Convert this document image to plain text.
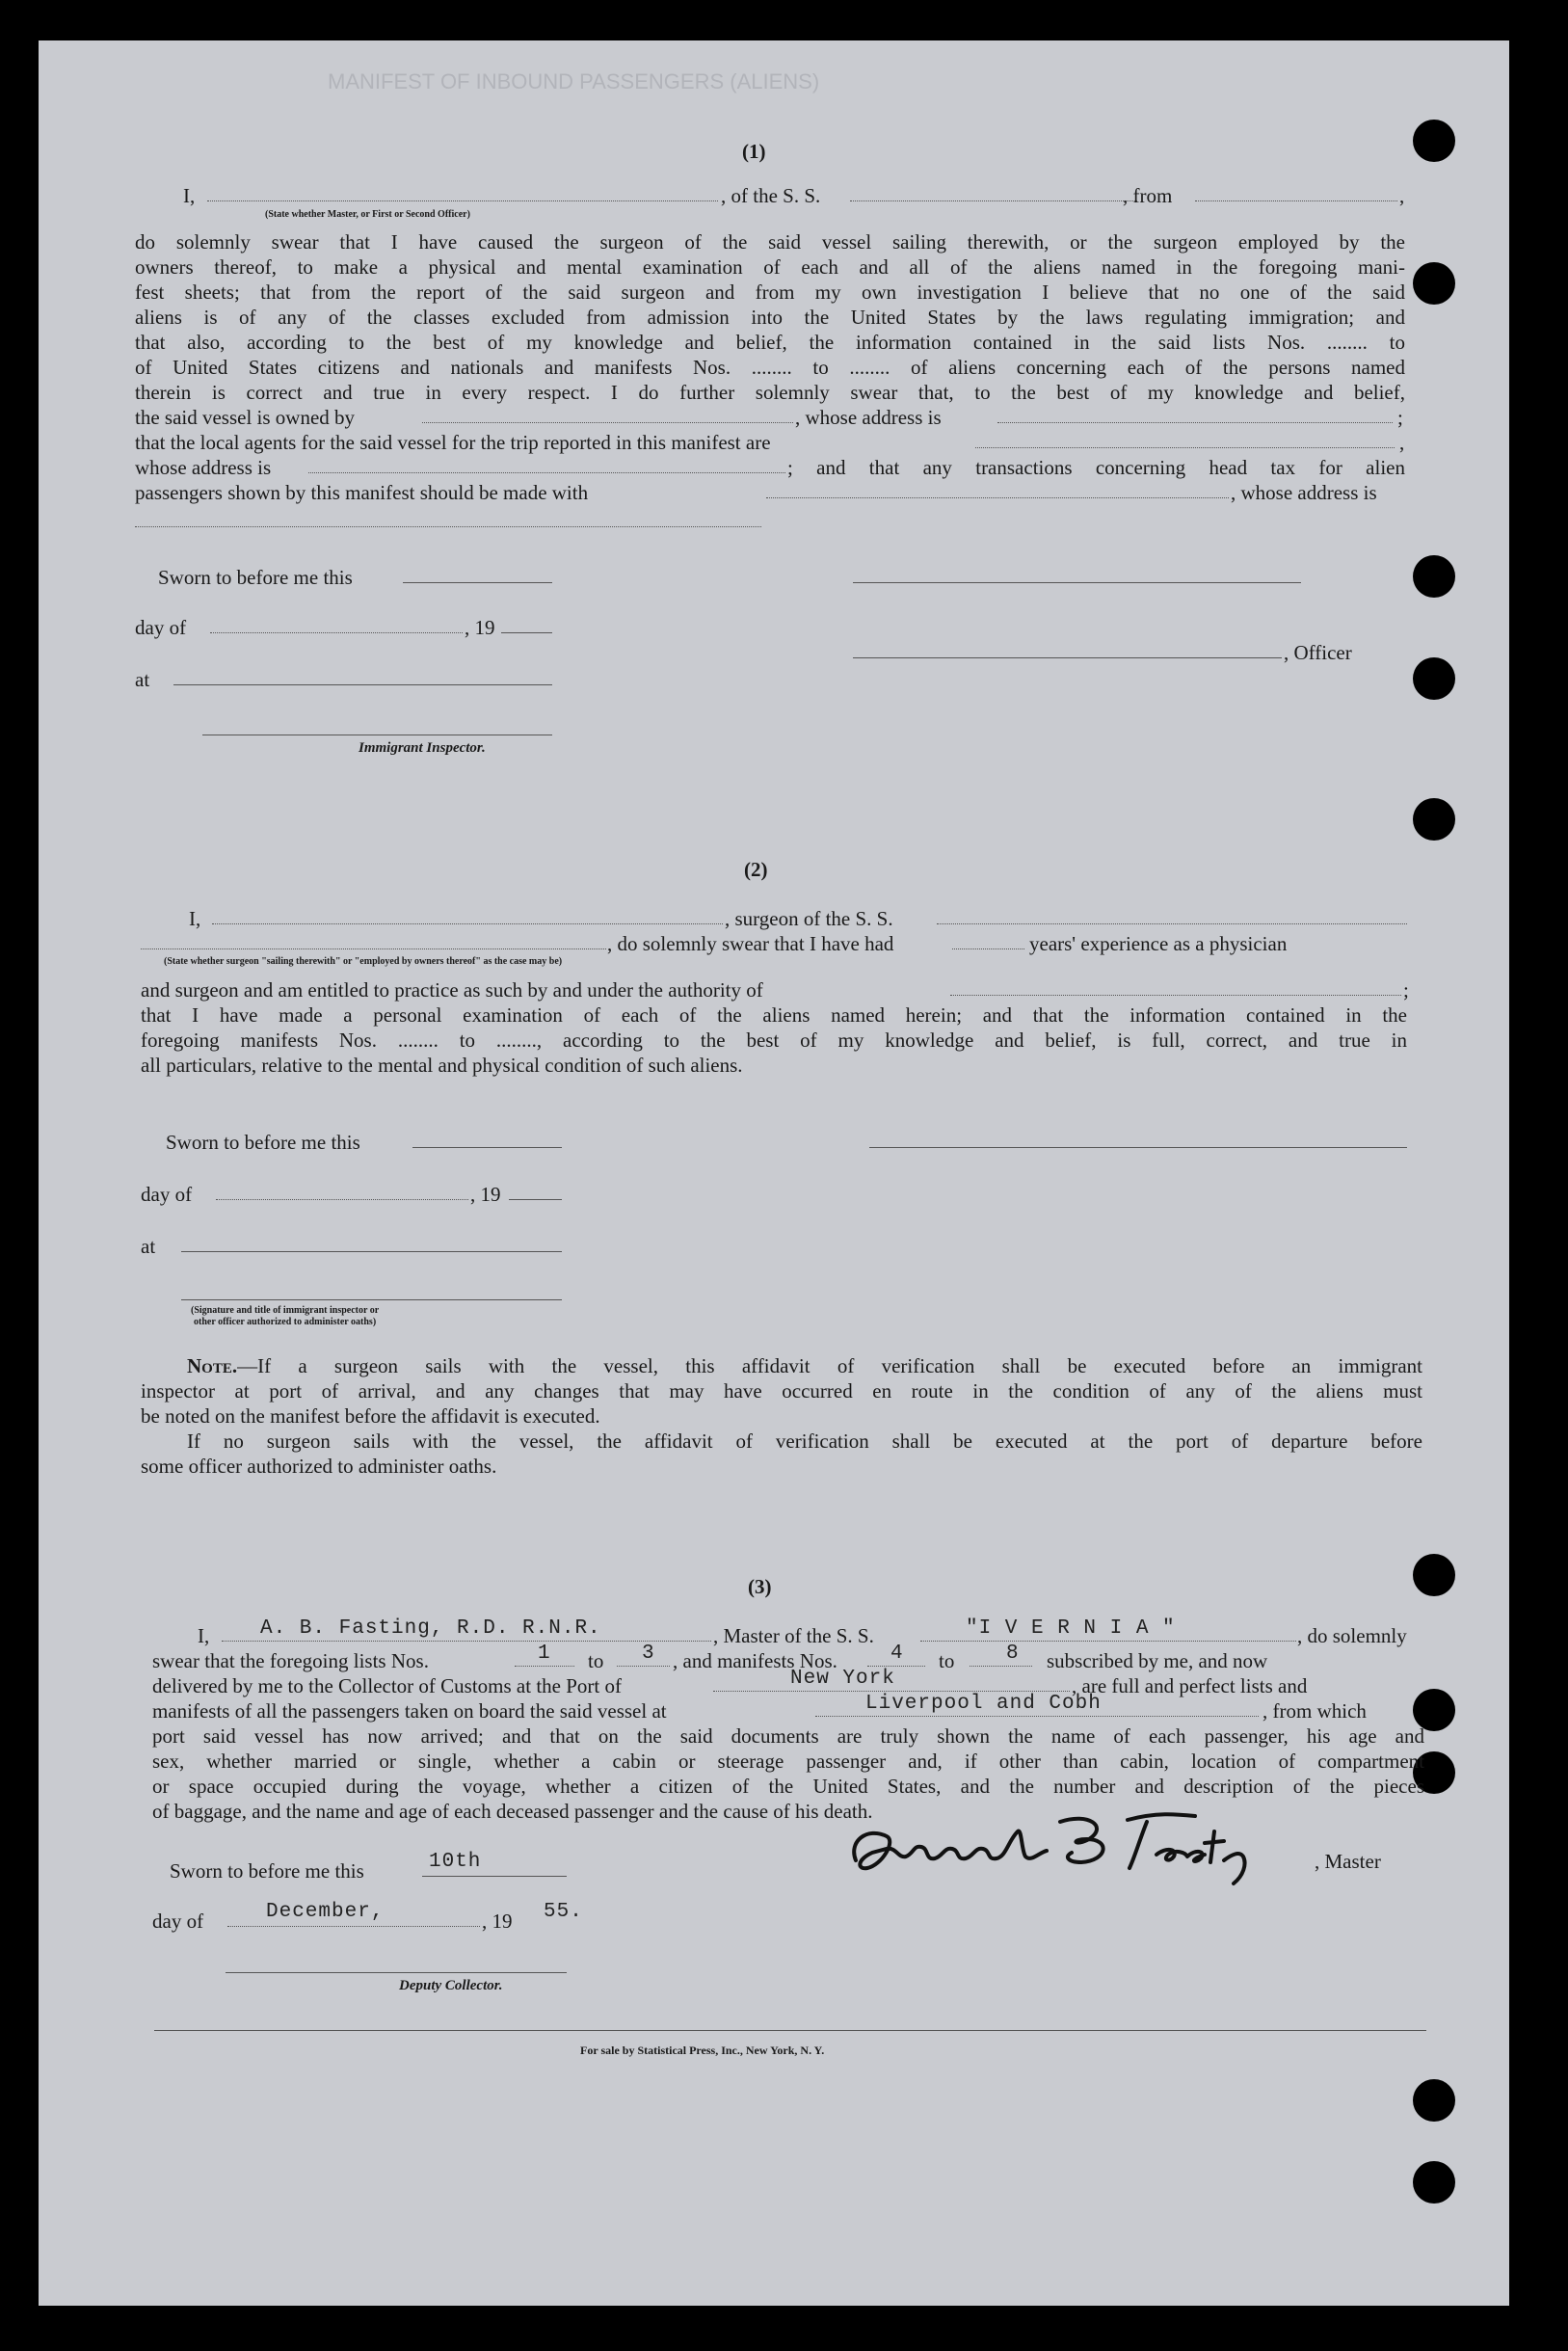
MANIFEST OF INBOUND PASSENGERS (ALIENS)
(1)
I,	, of the S. S.	, from	,
(State whether Master, or First or Second Officer)
do solemnly swear that I have caused the surgeon of the said vessel sailing therewith, or the surgeon employed by the
owners thereof, to make a physical and mental examination of each and all of the aliens named in the foregoing mani-
fest sheets; that from the report of the said surgeon and from my own investigation I believe that no one of the said
aliens is of any of the classes excluded from admission into the United States by the laws regulating immigration; and
that also, according to the best of my knowledge and belief, the information contained in the said lists Nos. ........ to
of United States citizens and nationals and manifests Nos. ........ to ........ of aliens concerning each of the persons named
therein is correct and true in every respect. I do further solemnly swear that, to the best of my knowledge and belief,
the said vessel is owned by	, whose address is	;
that the local agents for the said vessel for the trip reported in this manifest are	,
whose address is	; and that any transactions concerning head tax for alien
passengers shown by this manifest should be made with	, whose address is
Sworn to before me this
day of	, 19
at
Immigrant Inspector.
, Officer
(2)
I,	, surgeon of the S. S.
, do solemnly swear that I have had	years' experience as a physician
(State whether surgeon "sailing therewith" or "employed by owners thereof" as the case may be)
and surgeon and am entitled to practice as such by and under the authority of	;
that I have made a personal examination of each of the aliens named herein; and that the information contained in the
foregoing manifests Nos. ........ to ........, according to the best of my knowledge and belief, is full, correct, and true in
all particulars, relative to the mental and physical condition of such aliens.
Sworn to before me this
day of	, 19
at
(Signature and title of immigrant inspector or
other officer authorized to administer oaths)
Note.—If a surgeon sails with the vessel, this affidavit of verification shall be executed before an immigrant
inspector at port of arrival, and any changes that may have occurred en route in the condition of any of the aliens must
be noted on the manifest before the affidavit is executed.
If no surgeon sails with the vessel, the affidavit of verification shall be executed at the port of departure before
some officer authorized to administer oaths.
(3)
I,	A. B. Fasting, R.D. R.N.R.	, Master of the S. S.	"I V E R N I A "	, do solemnly
swear that the foregoing lists Nos.	1 to 3 , and manifests Nos.	4 to	8 subscribed by me, and now
delivered by me to the Collector of Customs at the Port of	New York	, are full and perfect lists and
manifests of all the passengers taken on board the said vessel at	Liverpool and Cobh	, from which
port said vessel has now arrived; and that on the said documents are truly shown the name of each passenger, his age and
sex, whether married or single, whether a cabin or steerage passenger and, if other than cabin, location of compartment
or space occupied during the voyage, whether a citizen of the United States, and the number and description of the pieces
of baggage, and the name and age of each deceased passenger and the cause of his death.
Sworn to before me this	10th
day of	December,	, 19 55.
Deputy Collector.
, Master
For sale by Statistical Press, Inc., New York, N. Y.
